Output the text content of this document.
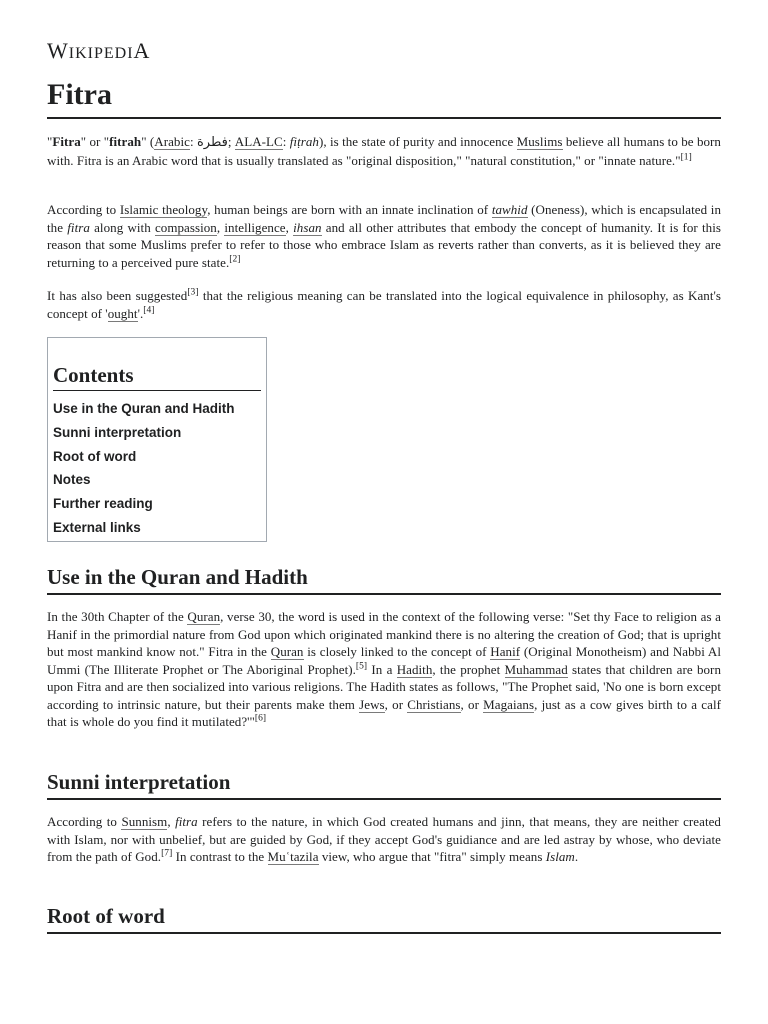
WIKIPEDIA
Fitra

"Fitra" or "fitrah" (Arabic: فطرة; ALA-LC: fiṭrah), is the state of purity and innocence Muslims believe all humans to be born with. Fitra is an Arabic word that is usually translated as "original disposition," "natural constitution," or "innate nature."[1]

According to Islamic theology, human beings are born with an innate inclination of tawhid (Oneness), which is encapsulated in the fitra along with compassion, intelligence, ihsan and all other attributes that embody the concept of humanity. It is for this reason that some Muslims prefer to refer to those who embrace Islam as reverts rather than converts, as it is believed they are returning to a perceived pure state.[2]

It has also been suggested[3] that the religious meaning can be translated into the logical equivalence in philosophy, as Kant's concept of 'ought'.[4]

Contents
Use in the Quran and Hadith
Sunni interpretation
Root of word
Notes
Further reading
External links
Use in the Quran and Hadith

In the 30th Chapter of the Quran, verse 30, the word is used in the context of the following verse: "Set thy Face to religion as a Hanif in the primordial nature from God upon which originated mankind there is no altering the creation of God; that is upright but most mankind know not." Fitra in the Quran is closely linked to the concept of Hanif (Original Monotheism) and Nabbi Al Ummi (The Illiterate Prophet or The Aboriginal Prophet).[5] In a Hadith, the prophet Muhammad states that children are born upon Fitra and are then socialized into various religions. The Hadith states as follows, "The Prophet said, 'No one is born except according to intrinsic nature, but their parents make them Jews, or Christians, or Magaians, just as a cow gives birth to a calf that is whole do you find it mutilated?'"[6]

Sunni interpretation

According to Sunnism, fitra refers to the nature, in which God created humans and jinn, that means, they are neither created with Islam, nor with unbelief, but are guided by God, if they accept God's guidiance and are led astray by whose, who deviate from the path of God.[7] In contrast to the Muʿtazila view, who argue that "fitra" simply means Islam.

Root of word
